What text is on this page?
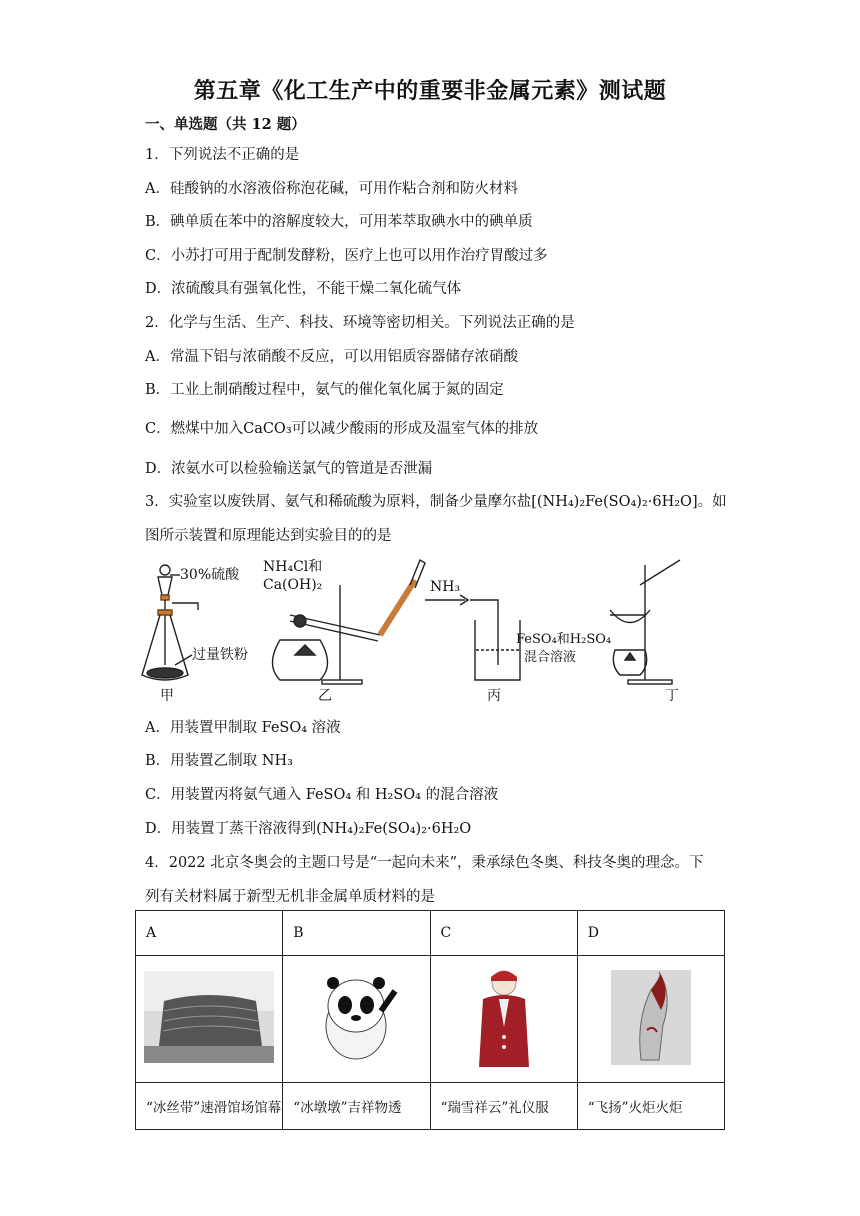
第五章《化工生产中的重要非金属元素》测试题
一、单选题（共 12 题）
1．下列说法不正确的是
A．硅酸钠的水溶液俗称泡花碱，可用作粘合剂和防火材料
B．碘单质在苯中的溶解度较大，可用苯萃取碘水中的碘单质
C．小苏打可用于配制发酵粉，医疗上也可以用作治疗胃酸过多
D．浓硫酸具有强氧化性，不能干燥二氧化硫气体
2．化学与生活、生产、科技、环境等密切相关。下列说法正确的是
A．常温下铝与浓硝酸不反应，可以用铝质容器储存浓硝酸
B．工业上制硝酸过程中，氨气的催化氧化属于氮的固定
C．燃煤中加入CaCO₃可以减少酸雨的形成及温室气体的排放
D．浓氨水可以检验输送氯气的管道是否泄漏
3．实验室以废铁屑、氨气和稀硫酸为原料，制备少量摩尔盐[(NH₄)₂Fe(SO₄)₂·6H₂O]。如
图所示装置和原理能达到实验目的的是
30%硫酸
过量铁粉
甲
NH₄Cl和
Ca(OH)₂
乙
NH₃
FeSO₄和H₂SO₄
混合溶液
丙	丁
A．用装置甲制取 FeSO₄ 溶液
B．用装置乙制取 NH₃
C．用装置丙将氨气通入 FeSO₄ 和 H₂SO₄ 的混合溶液
D．用装置丁蒸干溶液得到(NH₄)₂Fe(SO₄)₂·6H₂O
4．2022 北京冬奥会的主题口号是“一起向未来”，秉承绿色冬奥、科技冬奥的理念。下
列有关材料属于新型无机非金属单质材料的是
A	B	C	D

“冰丝带”速滑馆场馆幕	“冰墩墩”吉祥物透	“瑞雪祥云”礼仪服	“飞扬”火炬火炬
